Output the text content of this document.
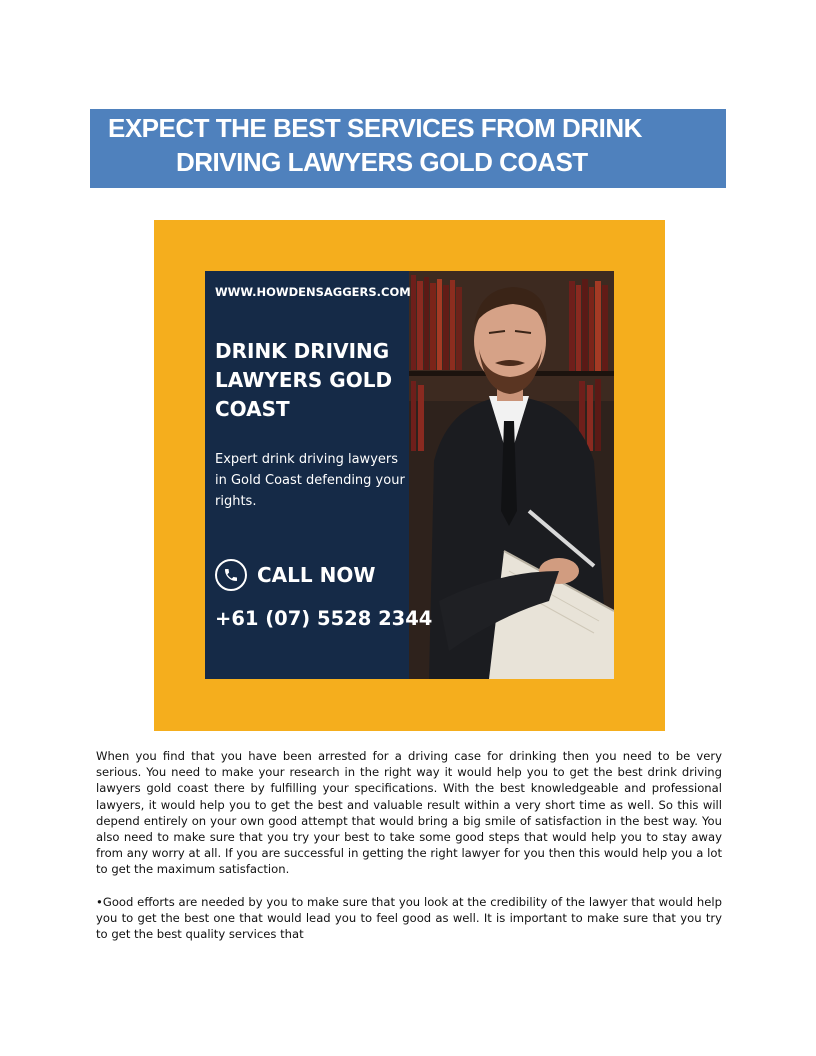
EXPECT THE BEST SERVICES FROM DRINK
DRIVING LAWYERS GOLD COAST
WWW.HOWDENSAGGERS.COM
DRINK DRIVING LAWYERS GOLD COAST
Expert drink driving lawyers in Gold Coast defending your rights.
CALL NOW
+61 (07) 5528 2344

When you find that you have been arrested for a driving case for drinking then you need to be very serious. You need to make your research in the right way it would help you to get the best drink driving lawyers gold coast there by fulfilling your specifications. With the best knowledgeable and professional lawyers, it would help you to get the best and valuable result within a very short time as well. So this will depend entirely on your own good attempt that would bring a big smile of satisfaction in the best way. You also need to make sure that you try your best to take some good steps that would help you to stay away from any worry at all. If you are successful in getting the right lawyer for you then this would help you a lot to get the maximum satisfaction.

•Good efforts are needed by you to make sure that you look at the credibility of the lawyer that would help you to get the best one that would lead you to feel good as well. It is important to make sure that you try to get the best quality services that
